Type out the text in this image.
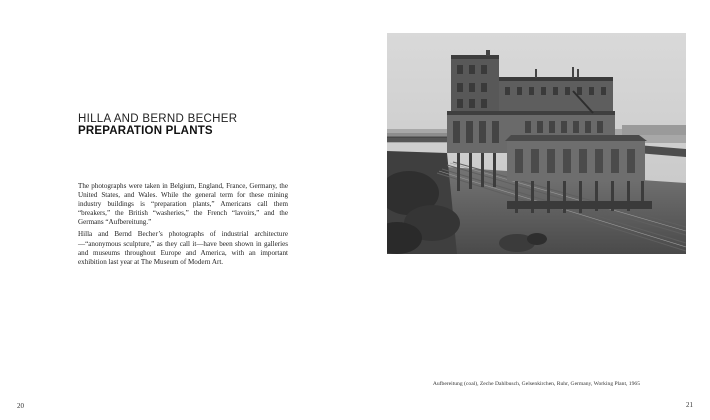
HILLA AND BERND BECHER
PREPARATION PLANTS

The photographs were taken in Belgium, England, France, Germany, the United States, and Wales. While the general term for these mining industry buildings is “preparation plants,” Americans call them “breakers,” the British “washeries,” the French “lavoirs,” and the Germans “Aufbereitung.”

Hilla and Bernd Becher’s photographs of industrial architecture—“anonymous sculpture,” as they call it—have been shown in galleries and museums throughout Europe and America, with an important exhibition last year at The Museum of Modern Art.

Aufbereitung (coal), Zeche Dahlbusch, Gelsenkirchen, Ruhr, Germany, Working Plant, 1965
20	21
